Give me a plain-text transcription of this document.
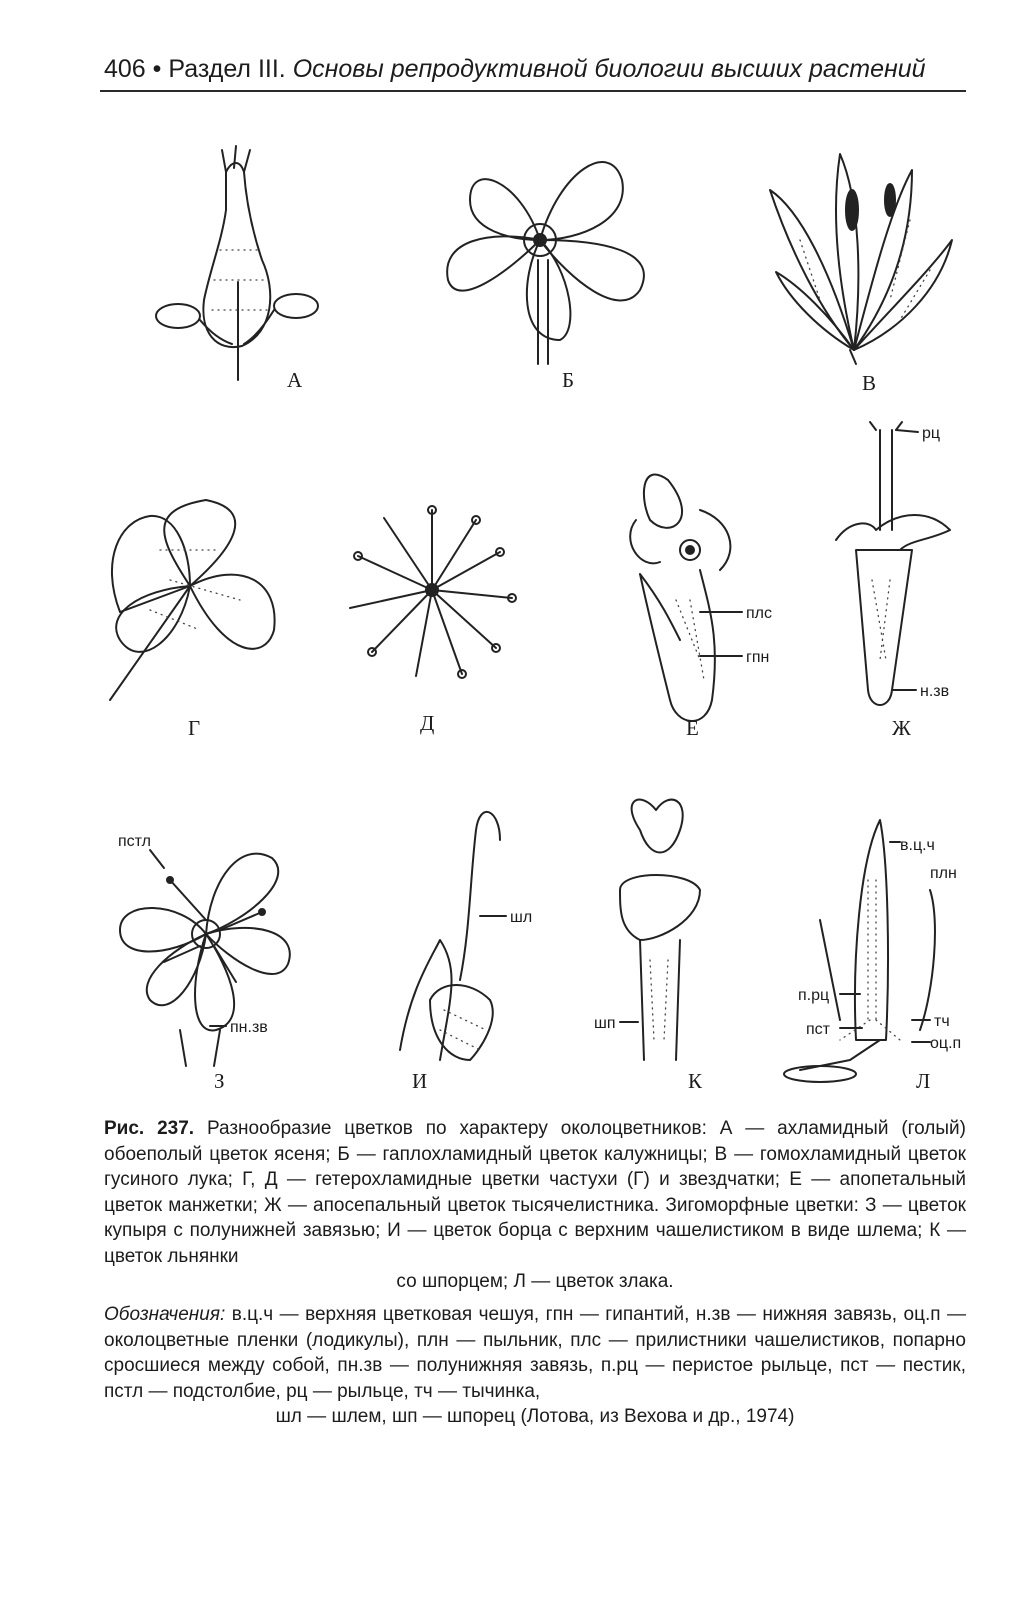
406 • Раздел III. Основы репродуктивной биологии высших растений
А	Б	В
Г	Д
плс
гпн
Е
рц
н.зв
Ж
пстл
пн.зв
З
шл
И
шп
К
в.ц.ч
плн
п.рц
тч
пст
оц.п
Л
Рис. 237. Разнообразие цветков по характеру околоцветников: А — ахламидный (голый) обоеполый цветок ясеня; Б — гаплохламидный цветок калужницы; В — гомохламидный цветок гусиного лука; Г, Д — гетерохламидные цветки частухи (Г) и звездчатки; Е — апопетальный цветок манжетки; Ж — апосепальный цветок тысячелистника. Зигоморфные цветки: З — цветок купыря с полунижней завязью; И — цветок борца с верхним чашелистиком в виде шлема; К — цветок льнянки
со шпорцем; Л — цветок злака.
Обозначения: в.ц.ч — верхняя цветковая чешуя, гпн — гипантий, н.зв — нижняя завязь, оц.п — околоцветные пленки (лодикулы), плн — пыльник, плс — прилистники чашелистиков, попарно сросшиеся между собой, пн.зв — полунижняя завязь, п.рц — перистое рыльце, пст — пестик, пстл — подстолбие, рц — рыльце, тч — тычинка,
шл — шлем, шп — шпорец (Лотова, из Вехова и др., 1974)
